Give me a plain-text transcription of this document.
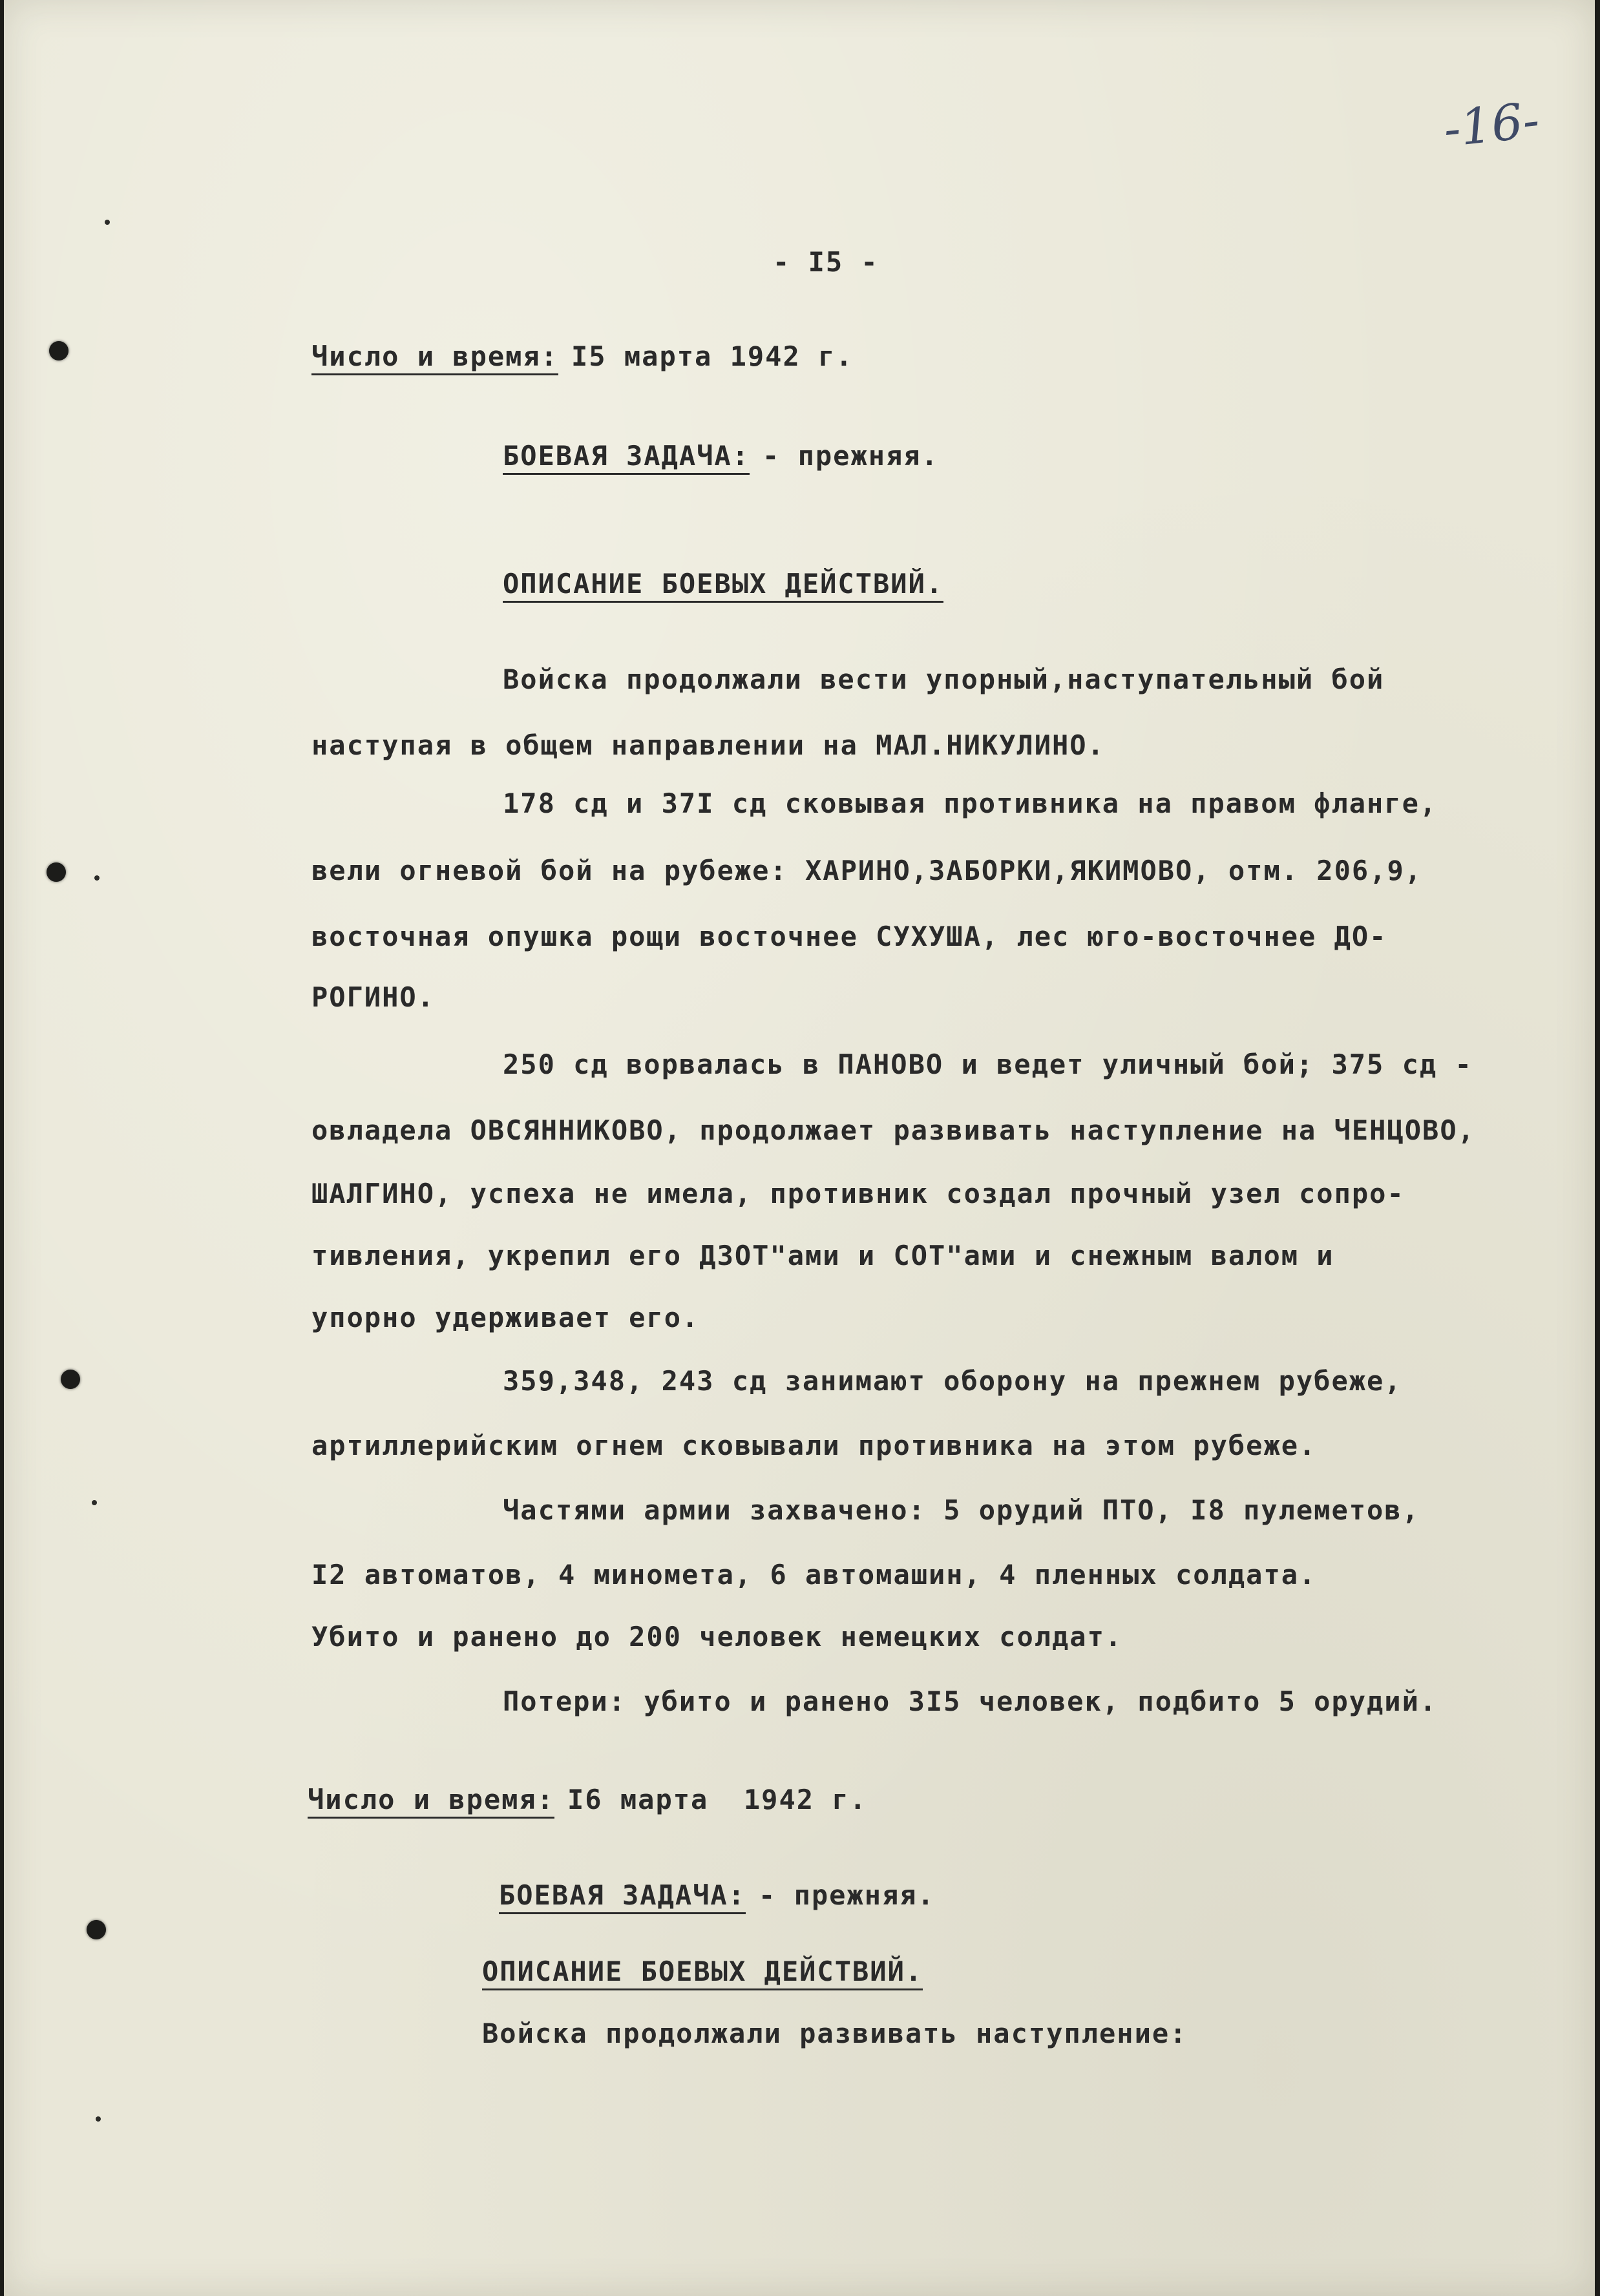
-16-
- I5 -
Число и время: I5 марта 1942 г.
БОЕВАЯ ЗАДАЧА: - прежняя.
ОПИСАНИЕ БОЕВЫХ ДЕЙСТВИЙ.
Войска продолжали вести упорный,наступательный бой
наступая в общем направлении на МАЛ.НИКУЛИНО.
178 сд и 37I сд сковывая противника на правом фланге,
вели огневой бой на рубеже: ХАРИНО,ЗАБОРКИ,ЯКИМОВО, отм. 206,9,
восточная опушка рощи восточнее СУХУША, лес юго-восточнее ДО-
РОГИНО.
250 сд ворвалась в ПАНОВО и ведет уличный бой; 375 сд -
овладела ОВСЯННИКОВО, продолжает развивать наступление на ЧЕНЦОВО,
ШАЛГИНО, успеха не имела, противник создал прочный узел сопро-
тивления, укрепил его ДЗОТ"ами и СОТ"ами и снежным валом и
упорно удерживает его.
359,348, 243 сд занимают оборону на прежнем рубеже,
артиллерийским огнем сковывали противника на этом рубеже.
Частями армии захвачено: 5 орудий ПТО, I8 пулеметов,
I2 автоматов, 4 миномета, 6 автомашин, 4 пленных солдата.
Убито и ранено до 200 человек немецких солдат.
Потери: убито и ранено 3I5 человек, подбито 5 орудий.
Число и время: I6 марта  1942 г.
БОЕВАЯ ЗАДАЧА: - прежняя.
ОПИСАНИЕ БОЕВЫХ ДЕЙСТВИЙ.
Войска продолжали развивать наступление:
